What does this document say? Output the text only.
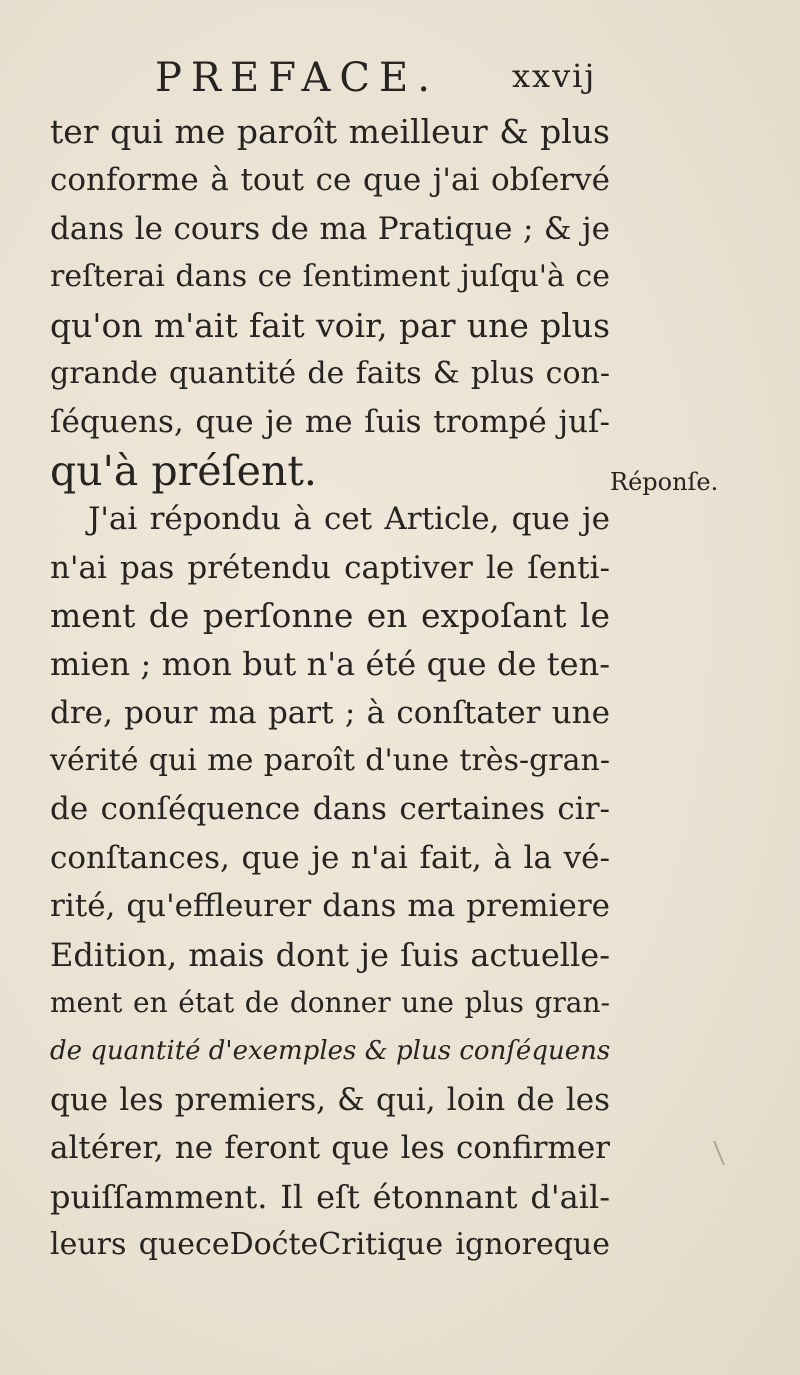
PREFACE. xxvij
ter qui me paroît meilleur & plus
conforme à tout ce que j'ai obſervé
dans le cours de ma Pratique ; & je
reſterai dans ce ſentiment juſqu'à ce
qu'on m'ait fait voir, par une plus
grande quantité de faits & plus con-
ſéquens, que je me ſuis trompé juſ-
qu'à préſent.
J'ai répondu à cet Article, que je
n'ai pas prétendu captiver le ſenti-
ment de perſonne en expoſant le
mien ; mon but n'a été que de ten-
dre, pour ma part ; à conſtater une
vérité qui me paroît d'une très-gran-
de conſéquence dans certaines cir-
conſtances, que je n'ai fait, à la vé-
rité, qu'effleurer dans ma premiere
Edition, mais dont je ſuis actuelle-
ment en état de donner une plus gran-
de quantité d'exemples & plus conſéquens
que les premiers, & qui, loin de les
altérer, ne feront que les confirmer
puiſſamment. Il eſt étonnant d'ail-
leurs queceDoćteCritique ignoreque
Réponſe.
